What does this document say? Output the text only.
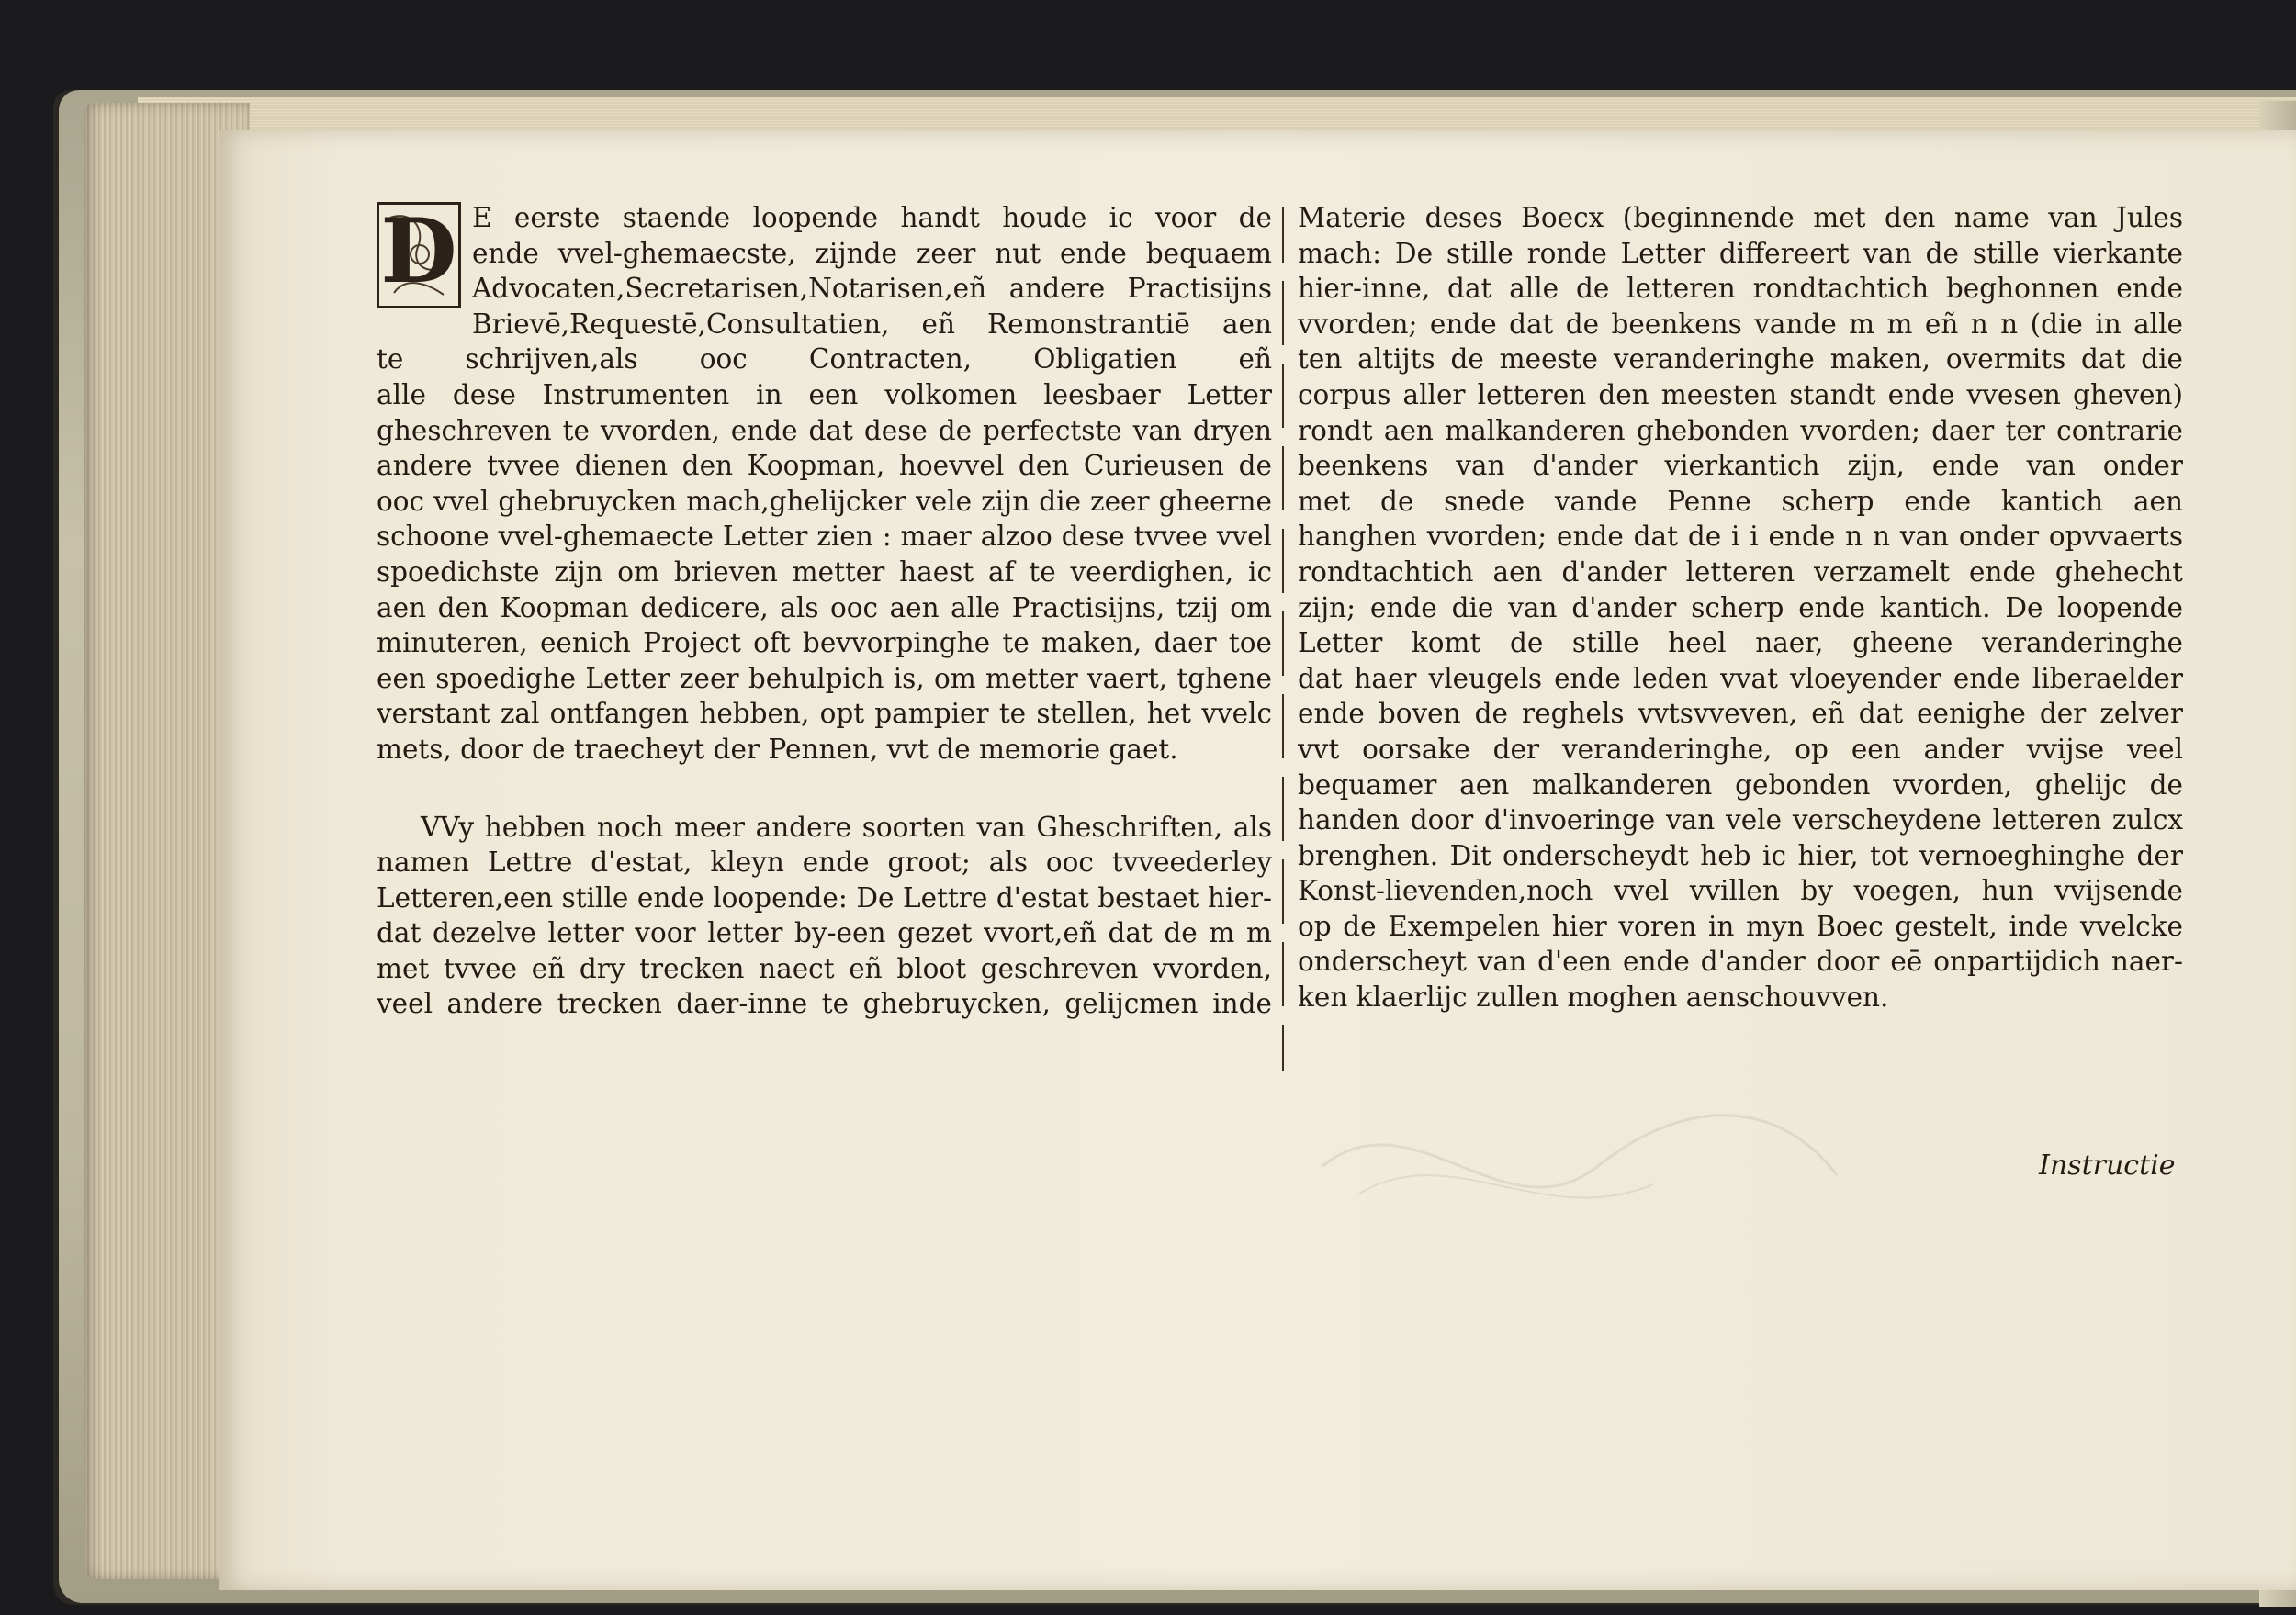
D E eerste staende loopende handt houde ic voor de
ende vvel-ghemaecste, zijnde zeer nut ende bequaem
Advocaten,Secretarisen,Notarisen,eñ andere Practisijns
Brievē,Requestē,Consultatien, eñ Remonstrantiē aen
te schrijven,als ooc Contracten, Obligatien eñ
alle dese Instrumenten in een volkomen leesbaer Letter
gheschreven te vvorden, ende dat dese de perfectste van dryen
andere tvvee dienen den Koopman, hoevvel den Curieusen de
ooc vvel ghebruycken mach,ghelijcker vele zijn die zeer gheerne
schoone vvel-ghemaecte Letter zien : maer alzoo dese tvvee vvel
spoedichste zijn om brieven metter haest af te veerdighen, ic
aen den Koopman dedicere, als ooc aen alle Practisijns, tzij om
minuteren, eenich Project oft bevvorpinghe te maken, daer toe
een spoedighe Letter zeer behulpich is, om metter vaert, tghene
verstant zal ontfangen hebben, opt pampier te stellen, het vvelc
mets, door de traecheyt der Pennen, vvt de memorie gaet.
VVy hebben noch meer andere soorten van Gheschriften, als
namen Lettre d'estat, kleyn ende groot; als ooc tvveederley
Letteren,een stille ende loopende: De Lettre d'estat bestaet hier-
dat dezelve letter voor letter by-een gezet vvort,eñ dat de m m
met tvvee eñ dry trecken naect eñ bloot geschreven vvorden,
veel andere trecken daer-inne te ghebruycken, gelijcmen inde
Materie deses Boecx (beginnende met den name van Jules
mach: De stille ronde Letter differeert van de stille vierkante
hier-inne, dat alle de letteren rondtachtich beghonnen ende
vvorden; ende dat de beenkens vande m m eñ n n (die in alle
ten altijts de meeste veranderinghe maken, overmits dat die
corpus aller letteren den meesten standt ende vvesen gheven)
rondt aen malkanderen ghebonden vvorden; daer ter contrarie
beenkens van d'ander vierkantich zijn, ende van onder
met de snede vande Penne scherp ende kantich aen
hanghen vvorden; ende dat de i i ende n n van onder opvvaerts
rondtachtich aen d'ander letteren verzamelt ende ghehecht
zijn; ende die van d'ander scherp ende kantich. De loopende
Letter komt de stille heel naer, gheene veranderinghe
dat haer vleugels ende leden vvat vloeyender ende liberaelder
ende boven de reghels vvtsvveven, eñ dat eenighe der zelver
vvt oorsake der veranderinghe, op een ander vvijse veel
bequamer aen malkanderen gebonden vvorden, ghelijc de
handen door d'invoeringe van vele verscheydene letteren zulcx
brenghen. Dit onderscheydt heb ic hier, tot vernoeghinghe der
Konst-lievenden,noch vvel vvillen by voegen, hun vvijsende
op de Exempelen hier voren in myn Boec gestelt, inde vvelcke
onderscheyt van d'een ende d'ander door eē onpartijdich naer-
ken klaerlijc zullen moghen aenschouvven.
Instructie
